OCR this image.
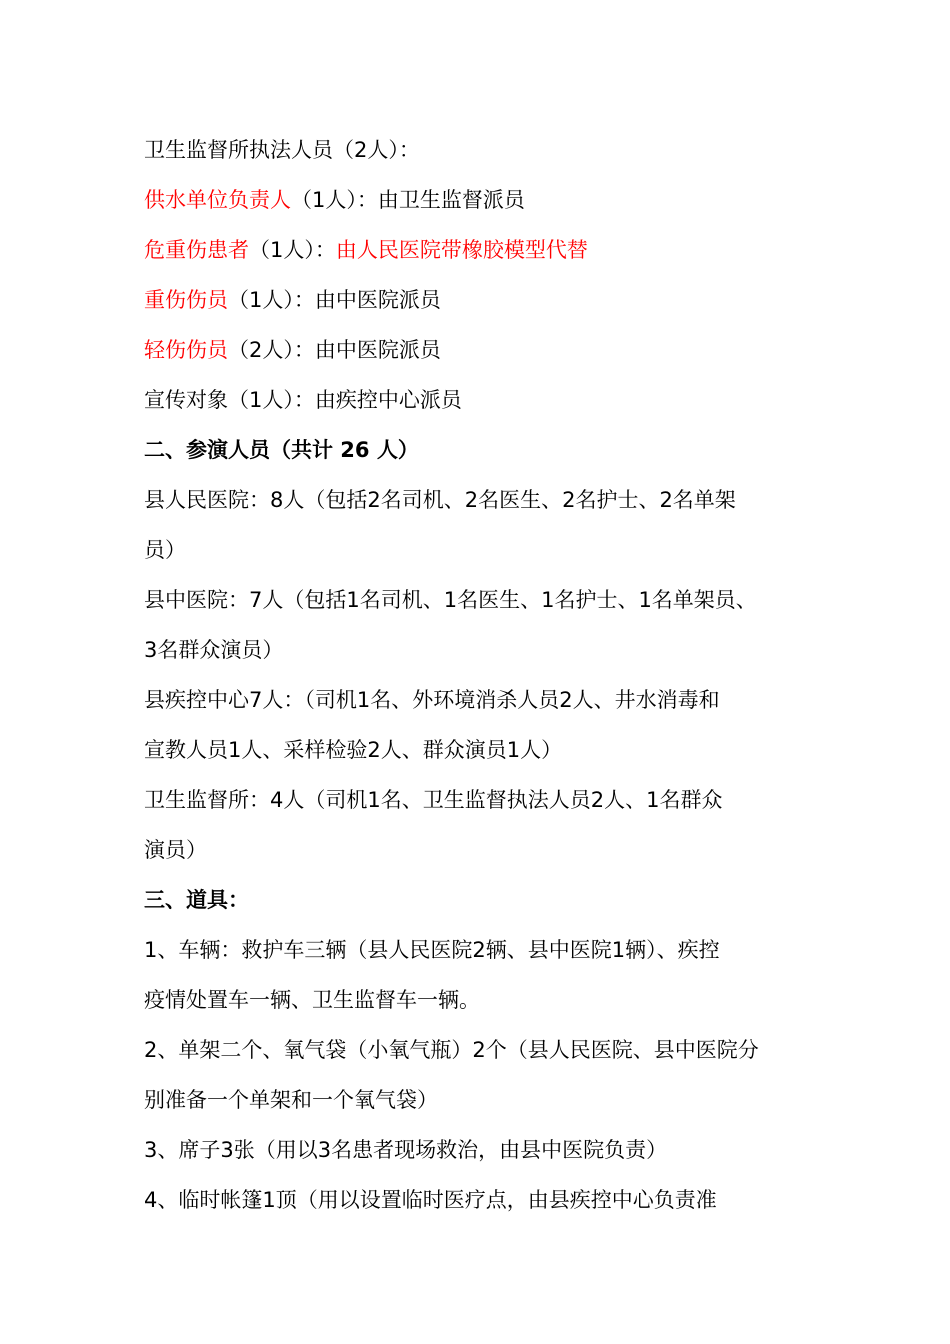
卫生监督所执法人员（2人）：
供水单位负责人（1人）：由卫生监督派员
危重伤患者（1人）：由人民医院带橡胶模型代替
重伤伤员（1人）：由中医院派员
轻伤伤员（2人）：由中医院派员
宣传对象（1人）：由疾控中心派员
二、参演人员（共计 26 人）
县人民医院：8人（包括2名司机、2名医生、2名护士、2名单架
员）
县中医院：7人（包括1名司机、1名医生、1名护士、1名单架员、
3名群众演员）
县疾控中心7人：（司机1名、外环境消杀人员2人、井水消毒和
宣教人员1人、采样检验2人、群众演员1人）
卫生监督所：4人（司机1名、卫生监督执法人员2人、1名群众
演员）
三、道具：
1、车辆：救护车三辆（县人民医院2辆、县中医院1辆）、疾控
疫情处置车一辆、卫生监督车一辆。
2、单架二个、氧气袋（小氧气瓶）2个（县人民医院、县中医院分
别准备一个单架和一个氧气袋）
3、席子3张（用以3名患者现场救治，由县中医院负责）
4、临时帐篷1顶（用以设置临时医疗点，由县疾控中心负责准
